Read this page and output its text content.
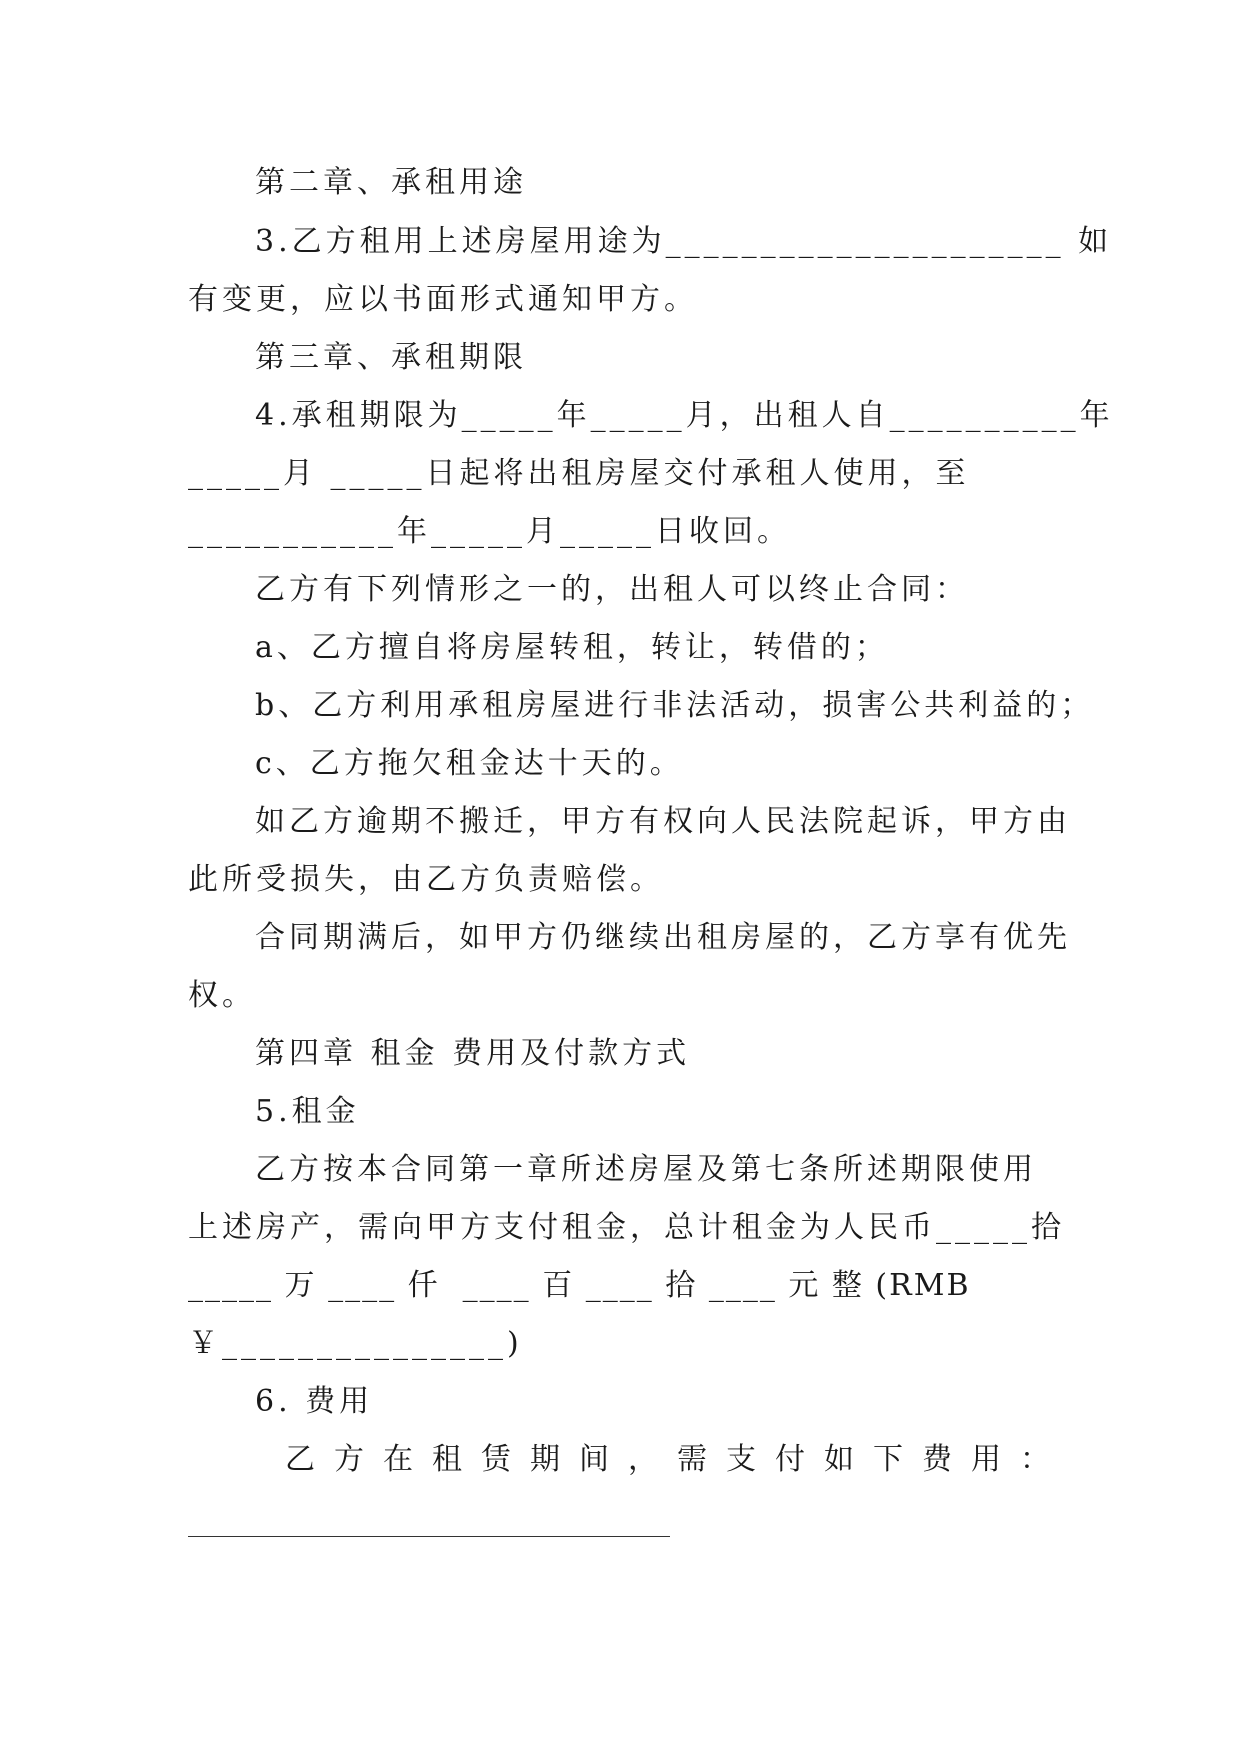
第二章、承租用途
3.乙方租用上述房屋用途为_____________________ 如
有变更，应以书面形式通知甲方。
第三章、承租期限
4.承租期限为_____年_____月，出租人自__________年
_____月 _____日起将出租房屋交付承租人使用，至
___________年_____月_____日收回。
乙方有下列情形之一的，出租人可以终止合同：
a、乙方擅自将房屋转租，转让，转借的；
b、乙方利用承租房屋进行非法活动，损害公共利益的；
c、乙方拖欠租金达十天的。
如乙方逾期不搬迁，甲方有权向人民法院起诉，甲方由
此所受损失，由乙方负责赔偿。
合同期满后，如甲方仍继续出租房屋的，乙方享有优先
权。
第四章 租金 费用及付款方式
5.租金
乙方按本合同第一章所述房屋及第七条所述期限使用
上述房产，需向甲方支付租金，总计租金为人民币_____拾
_____ 万 ____ 仟  ____ 百 ____ 拾 ____ 元 整 (RMB
￥_______________)
6. 费用
乙方在租赁期间，需支付如下费用：
